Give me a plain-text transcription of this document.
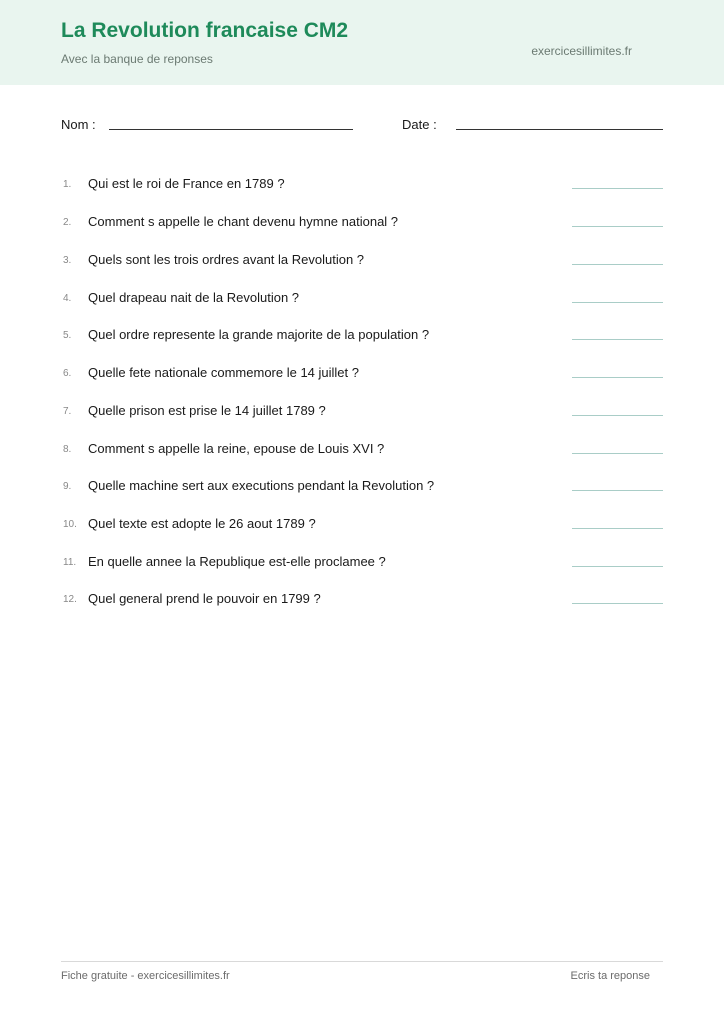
La Revolution francaise CM2
Avec la banque de reponses
exercicesillimites.fr
Nom :	Date :
1. Qui est le roi de France en 1789 ?
2. Comment s appelle le chant devenu hymne national ?
3. Quels sont les trois ordres avant la Revolution ?
4. Quel drapeau nait de la Revolution ?
5. Quel ordre represente la grande majorite de la population ?
6. Quelle fete nationale commemore le 14 juillet ?
7. Quelle prison est prise le 14 juillet 1789 ?
8. Comment s appelle la reine, epouse de Louis XVI ?
9. Quelle machine sert aux executions pendant la Revolution ?
10. Quel texte est adopte le 26 aout 1789 ?
11. En quelle annee la Republique est-elle proclamee ?
12. Quel general prend le pouvoir en 1799 ?
Fiche gratuite - exercicesillimites.fr	Ecris ta reponse
